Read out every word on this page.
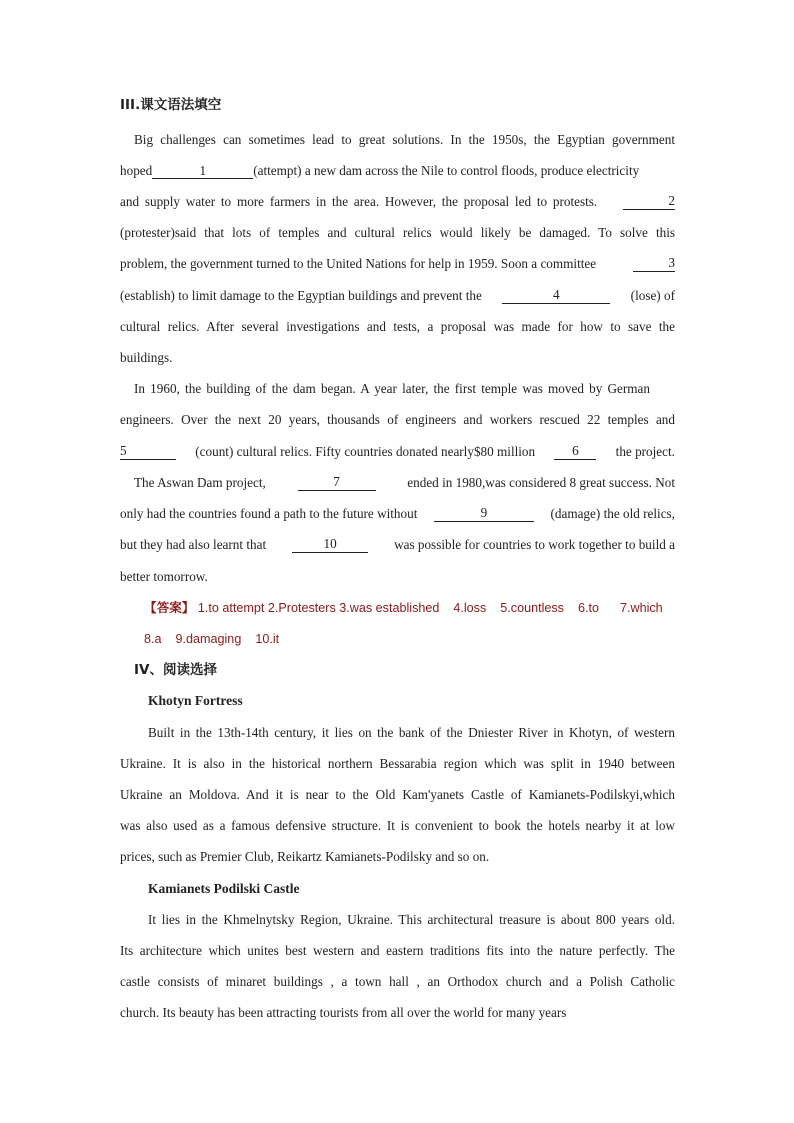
III.课文语法填空
Big challenges can sometimes lead to great solutions. In the 1950s, the Egyptian government
hoped	1	(attempt) a new dam across the Nile to control floods, produce electricity
and supply water to more farmers in the area. However, the proposal led to protests.	2
(protester)said that lots of temples and cultural relics would likely be damaged. To solve this
problem, the government turned to the United Nations for help in 1959. Soon a committee	3
(establish) to limit damage to the Egyptian buildings and prevent the	4	(lose) of
cultural relics. After several investigations and tests, a proposal was made for how to save the
buildings.
In 1960, the building of the dam began. A year later, the first temple was moved by German
engineers. Over the next 20 years, thousands of engineers and workers rescued 22 temples and
5	(count) cultural relics. Fifty countries donated nearly$80 million	6	the project.
The Aswan Dam project,	7	ended in 1980,was considered 8 great success. Not
only had the countries found a path to the future without	9	(damage) the old relics,
but they had also learnt that	10	was possible for countries to work together to build a
better tomorrow.
【答案】 1.to attempt 2.Protesters 3.was established    4.loss    5.countless    6.to      7.which
8.a    9.damaging    10.it
IV、阅读选择
Khotyn Fortress
Built in the 13th-14th century, it lies on the bank of the Dniester River in Khotyn, of western
Ukraine. It is also in the historical northern Bessarabia region which was split in 1940 between
Ukraine an Moldova. And it is near to the Old Kam'yanets Castle of Kamianets-Podilskyi,which
was also used as a famous defensive structure. It is convenient to book the hotels nearby it at low
prices, such as Premier Club, Reikartz Kamianets-Podilsky and so on.
Kamianets Podilski Castle
It lies in the Khmelnytsky Region, Ukraine. This architectural treasure is about 800 years old.
Its architecture which unites best western and eastern traditions fits into the nature perfectly. The
castle consists of minaret buildings , a town hall , an Orthodox church and a Polish Catholic
church. Its beauty has been attracting tourists from all over the world for many years
